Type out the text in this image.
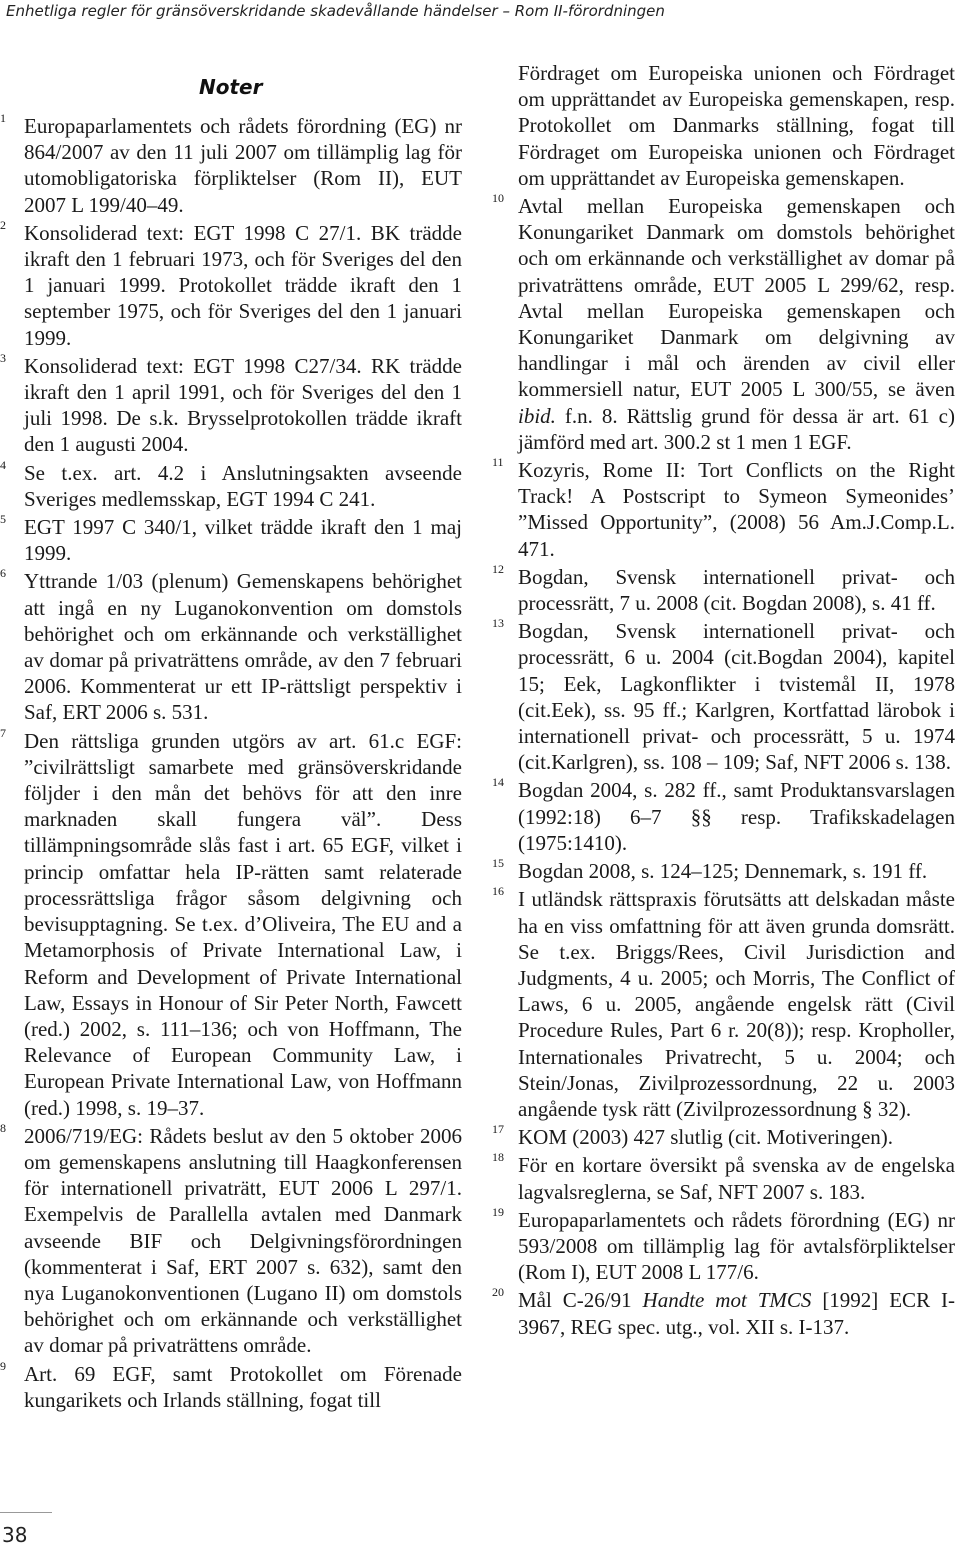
Enhetliga regler för gränsöverskridande skadevållande händelser – Rom II-förordningen
Noter
1 Europaparlamentets och rådets förordning (EG) nr 864/2007 av den 11 juli 2007 om tillämplig lag för utomobligatoriska förpliktelser (Rom II), EUT 2007 L 199/40–49.
2 Konsoliderad text: EGT 1998 C 27/1. BK trädde ikraft den 1 februari 1973, och för Sveriges del den 1 januari 1999. Protokollet trädde ikraft den 1 september 1975, och för Sveriges del den 1 januari 1999.
3 Konsoliderad text: EGT 1998 C27/34. RK trädde ikraft den 1 april 1991, och för Sveriges del den 1 juli 1998. De s.k. Brysselprotokollen trädde ikraft den 1 augusti 2004.
4 Se t.ex. art. 4.2 i Anslutningsakten avseende Sveriges medlemsskap, EGT 1994 C 241.
5 EGT 1997 C 340/1, vilket trädde ikraft den 1 maj 1999.
6 Yttrande 1/03 (plenum) Gemenskapens behörighet att ingå en ny Luganokonvention om domstols behörighet och om erkännande och verkställighet av domar på privaträttens område, av den 7 februari 2006. Kommenterat ur ett IP-rättsligt perspektiv i Saf, ERT 2006 s. 531.
7 Den rättsliga grunden utgörs av art. 61.c EGF: ”civilrättsligt samarbete med gränsöverskridande följder i den mån det behövs för att den inre marknaden skall fungera väl”. Dess tillämpningsområde slås fast i art. 65 EGF, vilket i princip omfattar hela IP-rätten samt relaterade processrättsliga frågor såsom delgivning och bevisupptagning. Se t.ex. d’Oliveira, The EU and a Metamorphosis of Private International Law, i Reform and Development of Private International Law, Essays in Honour of Sir Peter North, Fawcett (red.) 2002, s. 111–136; och von Hoffmann, The Relevance of European Community Law, i European Private International Law, von Hoffmann (red.) 1998, s. 19–37.
8 2006/719/EG: Rådets beslut av den 5 oktober 2006 om gemenskapens anslutning till Haagkonferensen för internationell privaträtt, EUT 2006 L 297/1. Exempelvis de Parallella avtalen med Danmark avseende BIF och Delgivningsförordningen (kommenterat i Saf, ERT 2007 s. 632), samt den nya Luganokonventionen (Lugano II) om domstols behörighet och om erkännande och verkställighet av domar på privaträttens område.
9 Art. 69 EGF, samt Protokollet om Förenade kungarikets och Irlands ställning, fogat till
Fördraget om Europeiska unionen och Fördraget om upprättandet av Europeiska gemenskapen, resp. Protokollet om Danmarks ställning, fogat till Fördraget om Europeiska unionen och Fördraget om upprättandet av Europeiska gemenskapen.
10 Avtal mellan Europeiska gemenskapen och Konungariket Danmark om domstols behörighet och om erkännande och verkställighet av domar på privaträttens område, EUT 2005 L 299/62, resp. Avtal mellan Europeiska gemenskapen och Konungariket Danmark om delgivning av handlingar i mål och ärenden av civil eller kommersiell natur, EUT 2005 L 300/55, se även ibid. f.n. 8. Rättslig grund för dessa är art. 61 c) jämförd med art. 300.2 st 1 men 1 EGF.
11 Kozyris, Rome II: Tort Conflicts on the Right Track! A Postscript to Symeon Symeonides’ ”Missed Opportunity”, (2008) 56 Am.J.Comp.L. 471.
12 Bogdan, Svensk internationell privat- och processrätt, 7 u. 2008 (cit. Bogdan 2008), s. 41 ff.
13 Bogdan, Svensk internationell privat- och processrätt, 6 u. 2004 (cit.Bogdan 2004), kapitel 15; Eek, Lagkonflikter i tvistemål II, 1978 (cit.Eek), ss. 95 ff.; Karlgren, Kortfattad lärobok i internationell privat- och processrätt, 5 u. 1974 (cit.Karlgren), ss. 108 – 109; Saf, NFT 2006 s. 138.
14 Bogdan 2004, s. 282 ff., samt Produktansvarslagen (1992:18) 6–7 §§ resp. Trafikskadelagen (1975:1410).
15 Bogdan 2008, s. 124–125; Dennemark, s. 191 ff.
16 I utländsk rättspraxis förutsätts att delskadan måste ha en viss omfattning för att även grunda domsrätt. Se t.ex. Briggs/Rees, Civil Jurisdiction and Judgments, 4 u. 2005; och Morris, The Conflict of Laws, 6 u. 2005, angående engelsk rätt (Civil Procedure Rules, Part 6 r. 20(8)); resp. Kropholler, Internationales Privatrecht, 5 u. 2004; och Stein/Jonas, Zivilprozessordnung, 22 u. 2003 angående tysk rätt (Zivilprozessordnung § 32).
17 KOM (2003) 427 slutlig (cit. Motiveringen).
18 För en kortare översikt på svenska av de engelska lagvalsreglerna, se Saf, NFT 2007 s. 183.
19 Europaparlamentets och rådets förordning (EG) nr 593/2008 om tillämplig lag för avtalsförpliktelser (Rom I), EUT 2008 L 177/6.
20 Mål C-26/91 Handte mot TMCS [1992] ECR I-3967, REG spec. utg., vol. XII s. I-137.
38
